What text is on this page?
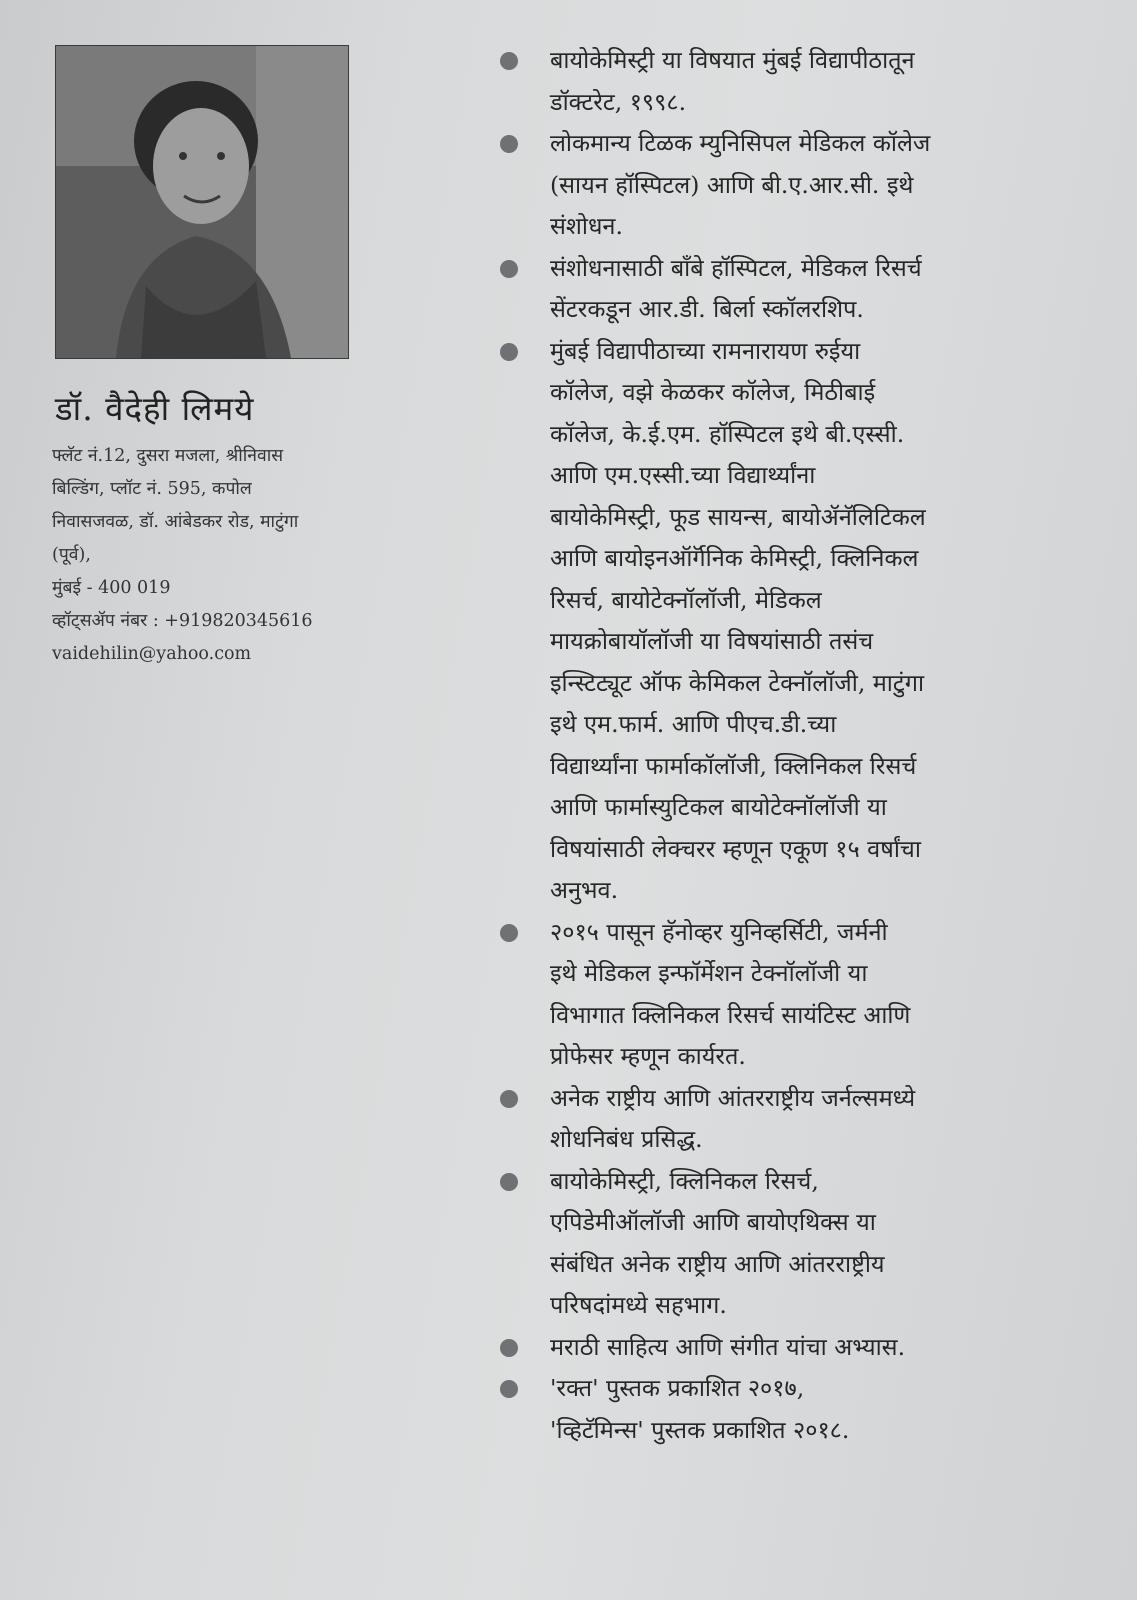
डॉ. वैदेही लिमये
फ्लॅट नं.12, दुसरा मजला, श्रीनिवास
बिल्डिंग, प्लॉट नं. 595, कपोल
निवासजवळ, डॉ. आंबेडकर रोड, माटुंगा
(पूर्व),
मुंबई - 400 019
व्हॉट्सॲप नंबर : +919820345616
vaidehilin@yahoo.com
बायोकेमिस्ट्री या विषयात मुंबई विद्यापीठातून
डॉक्टरेट, १९९८.
लोकमान्य टिळक म्युनिसिपल मेडिकल कॉलेज
(सायन हॉस्पिटल) आणि बी.ए.आर.सी. इथे
संशोधन.
संशोधनासाठी बॉंबे हॉस्पिटल, मेडिकल रिसर्च
सेंटरकडून आर.डी. बिर्ला स्कॉलरशिप.
मुंबई विद्यापीठाच्या रामनारायण रुईया
कॉलेज, वझे केळकर कॉलेज, मिठीबाई
कॉलेज, के.ई.एम. हॉस्पिटल इथे बी.एस्सी.
आणि एम.एस्सी.च्या विद्यार्थ्यांना
बायोकेमिस्ट्री, फूड सायन्स, बायोॲनॅलिटिकल
आणि बायोइनऑर्गॅनिक केमिस्ट्री, क्लिनिकल
रिसर्च, बायोटेक्नॉलॉजी, मेडिकल
मायक्रोबायॉलॉजी या विषयांसाठी तसंच
इन्स्टिट्यूट ऑफ केमिकल टेक्नॉलॉजी, माटुंगा
इथे एम.फार्म. आणि पीएच.डी.च्या
विद्यार्थ्यांना फार्माकॉलॉजी, क्लिनिकल रिसर्च
आणि फार्मास्युटिकल बायोटेक्नॉलॉजी या
विषयांसाठी लेक्चरर म्हणून एकूण १५ वर्षांचा
अनुभव.
२०१५ पासून हॅनोव्हर युनिव्हर्सिटी, जर्मनी
इथे मेडिकल इन्फॉर्मेशन टेक्नॉलॉजी या
विभागात क्लिनिकल रिसर्च सायंटिस्ट आणि
प्रोफेसर म्हणून कार्यरत.
अनेक राष्ट्रीय आणि आंतरराष्ट्रीय जर्नल्समध्ये
शोधनिबंध प्रसिद्ध.
बायोकेमिस्ट्री, क्लिनिकल रिसर्च,
एपिडेमीऑलॉजी आणि बायोएथिक्स या
संबंधित अनेक राष्ट्रीय आणि आंतरराष्ट्रीय
परिषदांमध्ये सहभाग.
मराठी साहित्य आणि संगीत यांचा अभ्यास.
'रक्त' पुस्तक प्रकाशित २०१७,
'व्हिटॅमिन्स' पुस्तक प्रकाशित २०१८.
